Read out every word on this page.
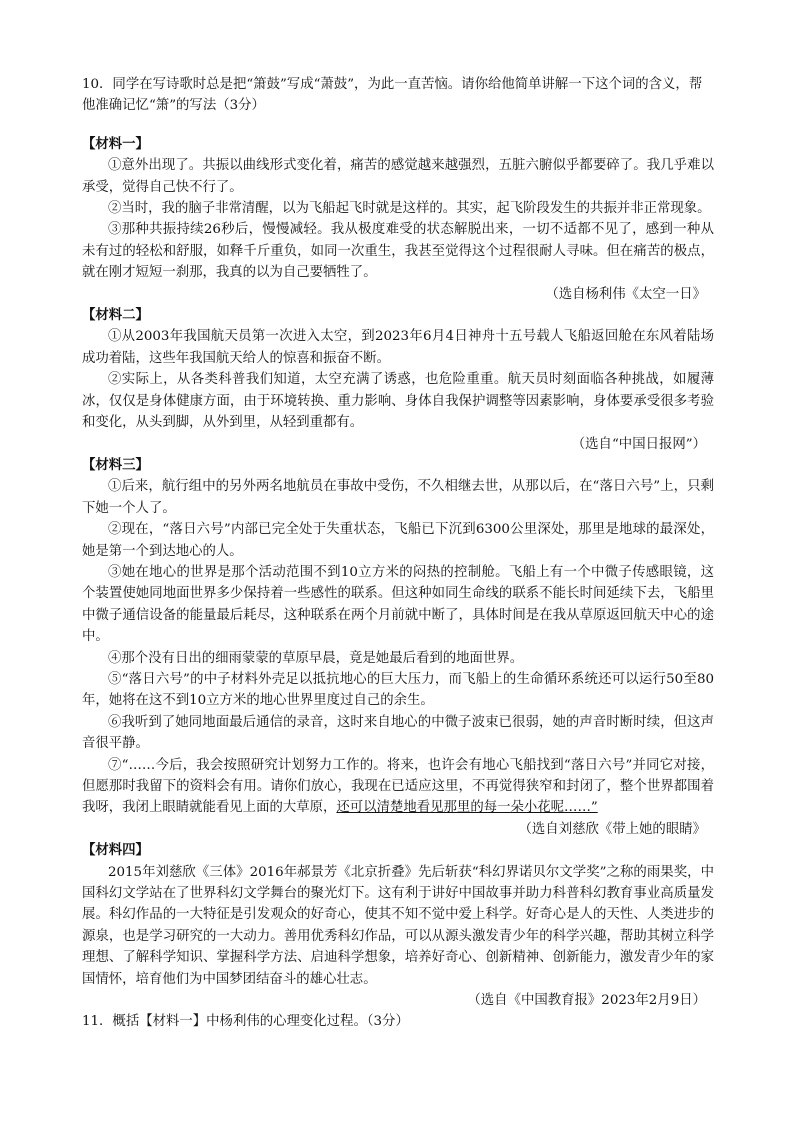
10．同学在写诗歌时总是把“箫鼓”写成“萧鼓”，为此一直苦恼。请你给他简单讲解一下这个词的含义，帮他准确记忆“箫”的写法（3分）

【材料一】

①意外出现了。共振以曲线形式变化着，痛苦的感觉越来越强烈，五脏六腑似乎都要碎了。我几乎难以承受，觉得自己快不行了。

②当时，我的脑子非常清醒，以为飞船起飞时就是这样的。其实，起飞阶段发生的共振并非正常现象。

③那种共振持续26秒后，慢慢减轻。我从极度难受的状态解脱出来，一切不适都不见了，感到一种从未有过的轻松和舒服，如释千斤重负，如同一次重生，我甚至觉得这个过程很耐人寻味。但在痛苦的极点，就在刚才短短一刹那，我真的以为自己要牺牲了。

（选自杨利伟《太空一日》

【材料二】

①从2003年我国航天员第一次进入太空，到2023年6月4日神舟十五号载人飞船返回舱在东风着陆场成功着陆，这些年我国航天给人的惊喜和振奋不断。

②实际上，从各类科普我们知道，太空充满了诱惑，也危险重重。航天员时刻面临各种挑战，如履薄冰，仅仅是身体健康方面，由于环境转换、重力影响、身体自我保护调整等因素影响，身体要承受很多考验和变化，从头到脚，从外到里，从轻到重都有。

（选自“中国日报网”）

【材料三】

①后来，航行组中的另外两名地航员在事故中受伤，不久相继去世，从那以后，在“落日六号”上，只剩下她一个人了。

②现在，“落日六号”内部已完全处于失重状态，飞船已下沉到6300公里深处，那里是地球的最深处，她是第一个到达地心的人。

③她在地心的世界是那个活动范围不到10立方米的闷热的控制舱。飞船上有一个中微子传感眼镜，这个装置使她同地面世界多少保持着一些感性的联系。但这种如同生命线的联系不能长时间延续下去，飞船里中微子通信设备的能量最后耗尽，这种联系在两个月前就中断了，具体时间是在我从草原返回航天中心的途中。

④那个没有日出的细雨蒙蒙的草原早晨，竟是她最后看到的地面世界。

⑤“落日六号”的中子材料外壳足以抵抗地心的巨大压力，而飞船上的生命循环系统还可以运行50至80年，她将在这不到10立方米的地心世界里度过自己的余生。

⑥我听到了她同地面最后通信的录音，这时来自地心的中微子波束已很弱，她的声音时断时续，但这声音很平静。

⑦“……今后，我会按照研究计划努力工作的。将来，也许会有地心飞船找到“落日六号”并同它对接，但愿那时我留下的资料会有用。请你们放心，我现在已适应这里，不再觉得狭窄和封闭了，整个世界都围着我呀，我闭上眼睛就能看见上面的大草原，还可以清楚地看见那里的每一朵小花呢……”

（选自刘慈欣《带上她的眼睛》

【材料四】

2015年刘慈欣《三体》2016年郝景芳《北京折叠》先后斩获“科幻界诺贝尔文学奖”之称的雨果奖，中国科幻文学站在了世界科幻文学舞台的聚光灯下。这有利于讲好中国故事并助力科普科幻教育事业高质量发展。科幻作品的一大特征是引发观众的好奇心，使其不知不觉中爱上科学。好奇心是人的天性、人类进步的源泉，也是学习研究的一大动力。善用优秀科幻作品，可以从源头激发青少年的科学兴趣，帮助其树立科学理想、了解科学知识、掌握科学方法、启迪科学想象，培养好奇心、创新精神、创新能力，激发青少年的家国情怀，培育他们为中国梦团结奋斗的雄心壮志。

（选自《中国教育报》2023年2月9日）

11．概括【材料一】中杨利伟的心理变化过程。（3分）
